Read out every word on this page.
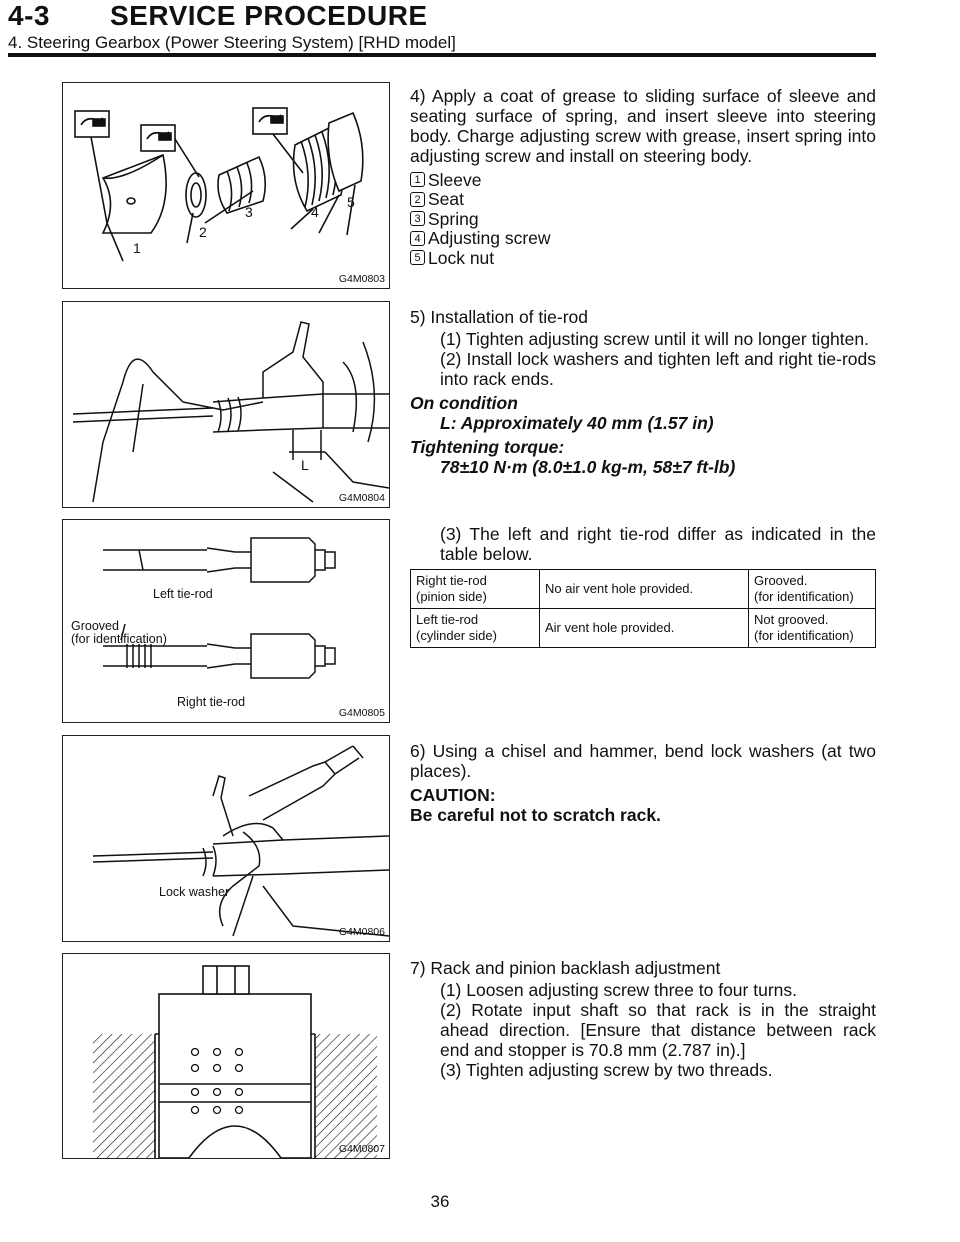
4-3 SERVICE PROCEDURE
4. Steering Gearbox (Power Steering System) [RHD model]
1
2
3	4
5
G4M0803

4) Apply a coat of grease to sliding surface of sleeve and seating surface of spring, and insert sleeve into steering body. Charge adjusting screw with grease, insert spring into adjusting screw and install on steering body.

1 Sleeve
2 Seat
3 Spring
4 Adjusting screw
5 Lock nut
L
G4M0804

5) Installation of tie-rod

(1) Tighten adjusting screw until it will no longer tighten.

(2) Install lock washers and tighten left and right tie-rods into rack ends.

On condition

L: Approximately 40 mm (1.57 in)

Tightening torque:

78±10 N·m (8.0±1.0 kg-m, 58±7 ft-lb)

Left tie-rod
Grooved
(for identification)
Right tie-rod
G4M0805

(3) The left and right tie-rod differ as indicated in the table below.

Right tie-rod
(pinion side)	No air vent hole provided.	Grooved.
(for identification)
Left tie-rod
(cylinder side)	Air vent hole provided.	Not grooved.
(for identification)
Lock washer
G4M0806

6) Using a chisel and hammer, bend lock washers (at two places).

CAUTION:

Be careful not to scratch rack.

G4M0807

7) Rack and pinion backlash adjustment

(1) Loosen adjusting screw three to four turns.

(2) Rotate input shaft so that rack is in the straight ahead direction. [Ensure that distance between rack end and stopper is 70.8 mm (2.787 in).]

(3) Tighten adjusting screw by two threads.

36
